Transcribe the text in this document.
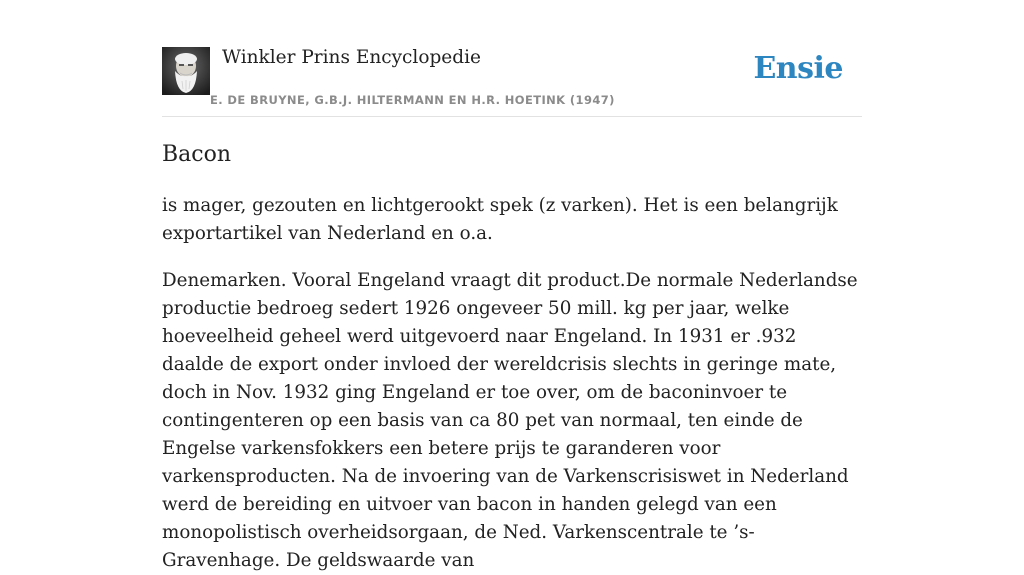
Winkler Prins Encyclopedie
E. DE BRUYNE, G.B.J. HILTERMANN EN H.R. HOETINK (1947)
Ensie
Bacon

is mager, gezouten en lichtgerookt spek (z varken). Het is een belangrijk exportartikel van Nederland en o.a.

Denemarken. Vooral Engeland vraagt dit product.De normale Nederlandse productie bedroeg sedert 1926 ongeveer 50 mill. kg per jaar, welke hoeveelheid geheel werd uitgevoerd naar Engeland. In 1931 er .932 daalde de export onder invloed der wereldcrisis slechts in geringe mate, doch in Nov. 1932 ging Engeland er toe over, om de baconinvoer te contingenteren op een basis van ca 80 pet van normaal, ten einde de Engelse varkensfokkers een betere prijs te garanderen voor varkensproducten. Na de invoering van de Varkenscrisiswet in Nederland werd de bereiding en uitvoer van bacon in handen gelegd van een monopolistisch overheidsorgaan, de Ned. Varkenscentrale te ’s-Gravenhage. De geldswaarde van
